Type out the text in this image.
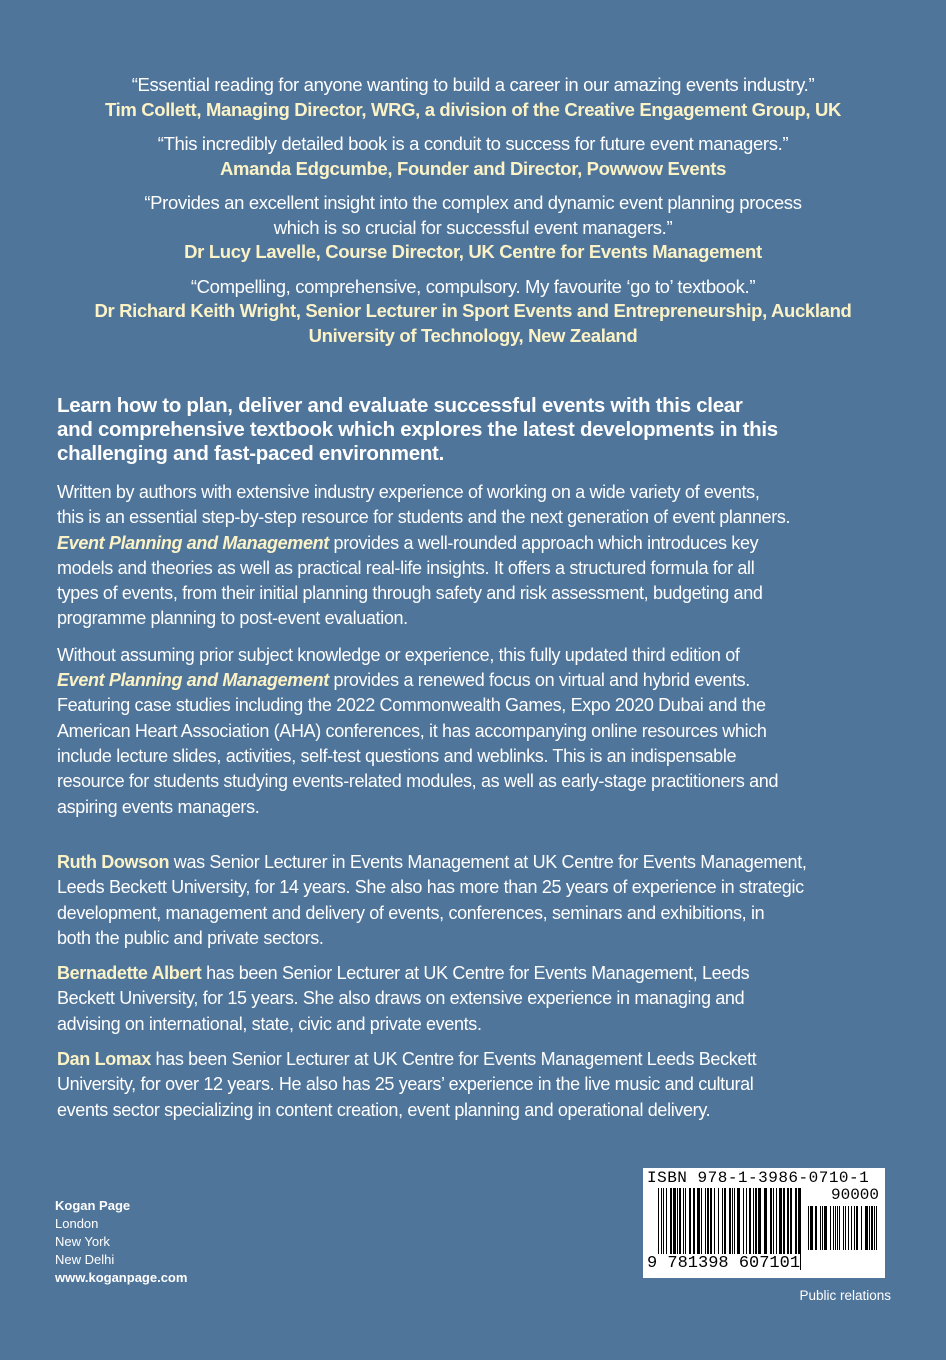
“Essential reading for anyone wanting to build a career in our amazing events industry.”
Tim Collett, Managing Director, WRG, a division of the Creative Engagement Group, UK
“This incredibly detailed book is a conduit to success for future event managers.”
Amanda Edgcumbe, Founder and Director, Powwow Events
“Provides an excellent insight into the complex and dynamic event planning process
which is so crucial for successful event managers.”
Dr Lucy Lavelle, Course Director, UK Centre for Events Management
“Compelling, comprehensive, compulsory. My favourite ‘go to’ textbook.”
Dr Richard Keith Wright, Senior Lecturer in Sport Events and Entrepreneurship, Auckland
University of Technology, New Zealand
Learn how to plan, deliver and evaluate successful events with this clear
and comprehensive textbook which explores the latest developments in this
challenging and fast-paced environment.

Written by authors with extensive industry experience of working on a wide variety of events,
this is an essential step-by-step resource for students and the next generation of event planners.
Event Planning and Management provides a well-rounded approach which introduces key
models and theories as well as practical real-life insights. It offers a structured formula for all
types of events, from their initial planning through safety and risk assessment, budgeting and
programme planning to post-event evaluation.

Without assuming prior subject knowledge or experience, this fully updated third edition of
Event Planning and Management provides a renewed focus on virtual and hybrid events.
Featuring case studies including the 2022 Commonwealth Games, Expo 2020 Dubai and the
American Heart Association (AHA) conferences, it has accompanying online resources which
include lecture slides, activities, self-test questions and weblinks. This is an indispensable
resource for students studying events-related modules, as well as early-stage practitioners and
aspiring events managers.

Ruth Dowson was Senior Lecturer in Events Management at UK Centre for Events Management,
Leeds Beckett University, for 14 years. She also has more than 25 years of experience in strategic
development, management and delivery of events, conferences, seminars and exhibitions, in
both the public and private sectors.

Bernadette Albert has been Senior Lecturer at UK Centre for Events Management, Leeds
Beckett University, for 15 years. She also draws on extensive experience in managing and
advising on international, state, civic and private events.

Dan Lomax has been Senior Lecturer at UK Centre for Events Management Leeds Beckett
University, for over 12 years. He also has 25 years’ experience in the live music and cultural
events sector specializing in content creation, event planning and operational delivery.

Kogan Page
London
New York
New Delhi
www.koganpage.com
ISBN 978-1-3986-0710-1
90000
9 781398 607101
Public relations
